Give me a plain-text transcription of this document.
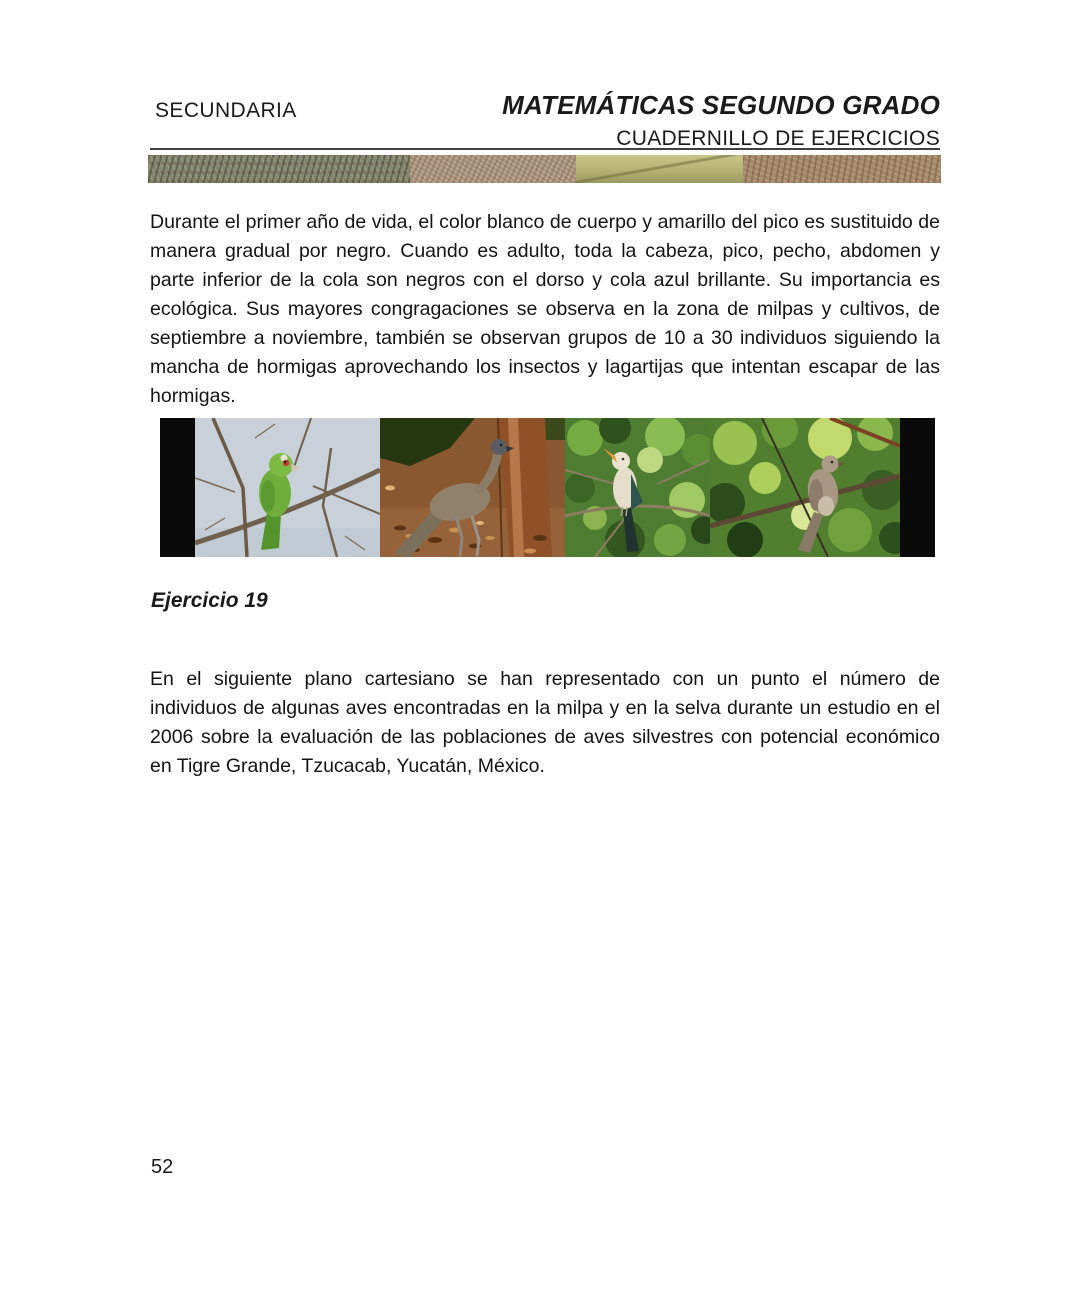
SECUNDARIA	MATEMÁTICAS SEGUNDO GRADO
CUADERNILLO DE EJERCICIOS

Durante el primer año de vida, el color blanco de cuerpo y amarillo del pico es sustituido de manera gradual por negro. Cuando es adulto, toda la cabeza, pico, pecho, abdomen y parte inferior de la cola son negros con el dorso y cola azul brillante. Su importancia es ecológica. Sus mayores congragaciones se observa en la zona de milpas y cultivos, de septiembre a noviembre, también se observan grupos de 10 a 30 individuos siguiendo la mancha de hormigas aprovechando los insectos y lagartijas que intentan escapar de las hormigas.

Ejercicio 19

En el siguiente plano cartesiano se han representado con un punto el número de individuos de algunas aves encontradas en la milpa y en la selva durante un estudio en el 2006 sobre la evaluación de las poblaciones de aves silvestres con potencial económico en Tigre Grande, Tzucacab, Yucatán, México.

52
